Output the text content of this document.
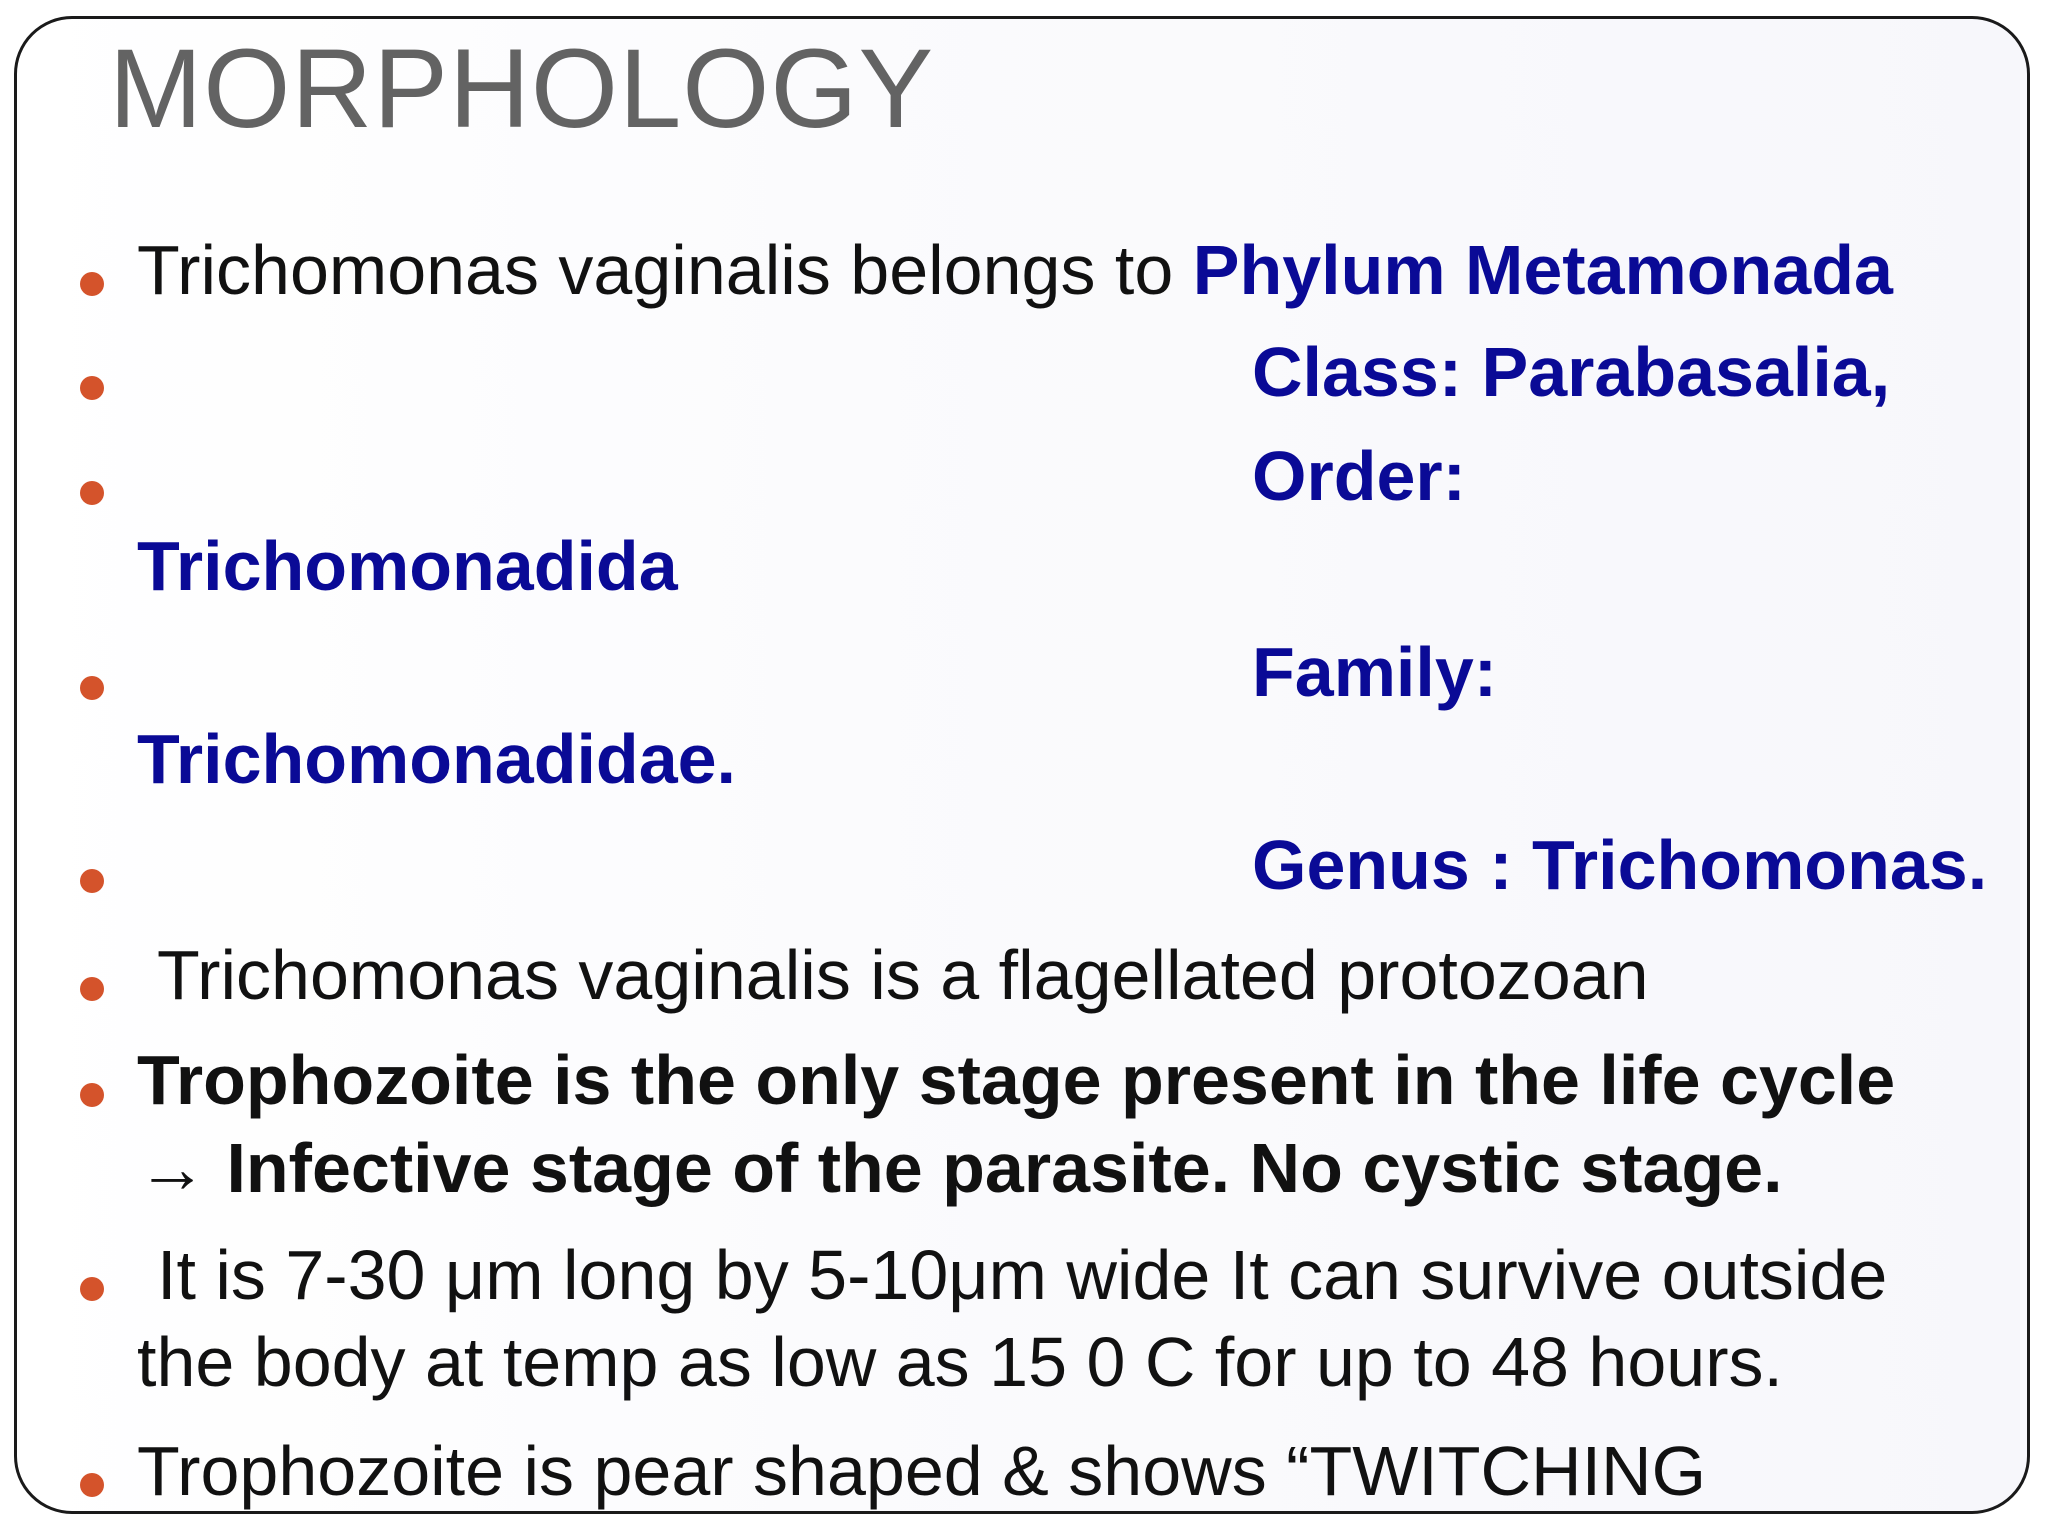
MORPHOLOGY
Trichomonas vaginalis belongs to Phylum Metamonada
Class: Parabasalia,
Order:
Trichomonadida
Family:
Trichomonadidae.
Genus : Trichomonas.
Trichomonas vaginalis is a flagellated protozoan
Trophozoite is the only stage present in the life cycle
→ Infective stage of the parasite. No cystic stage.
It is 7-30 μm long by 5-10μm wide It can survive outside
the body at temp as low as 15 0 C for up to 48 hours.
Trophozoite is pear shaped & shows “TWITCHING
